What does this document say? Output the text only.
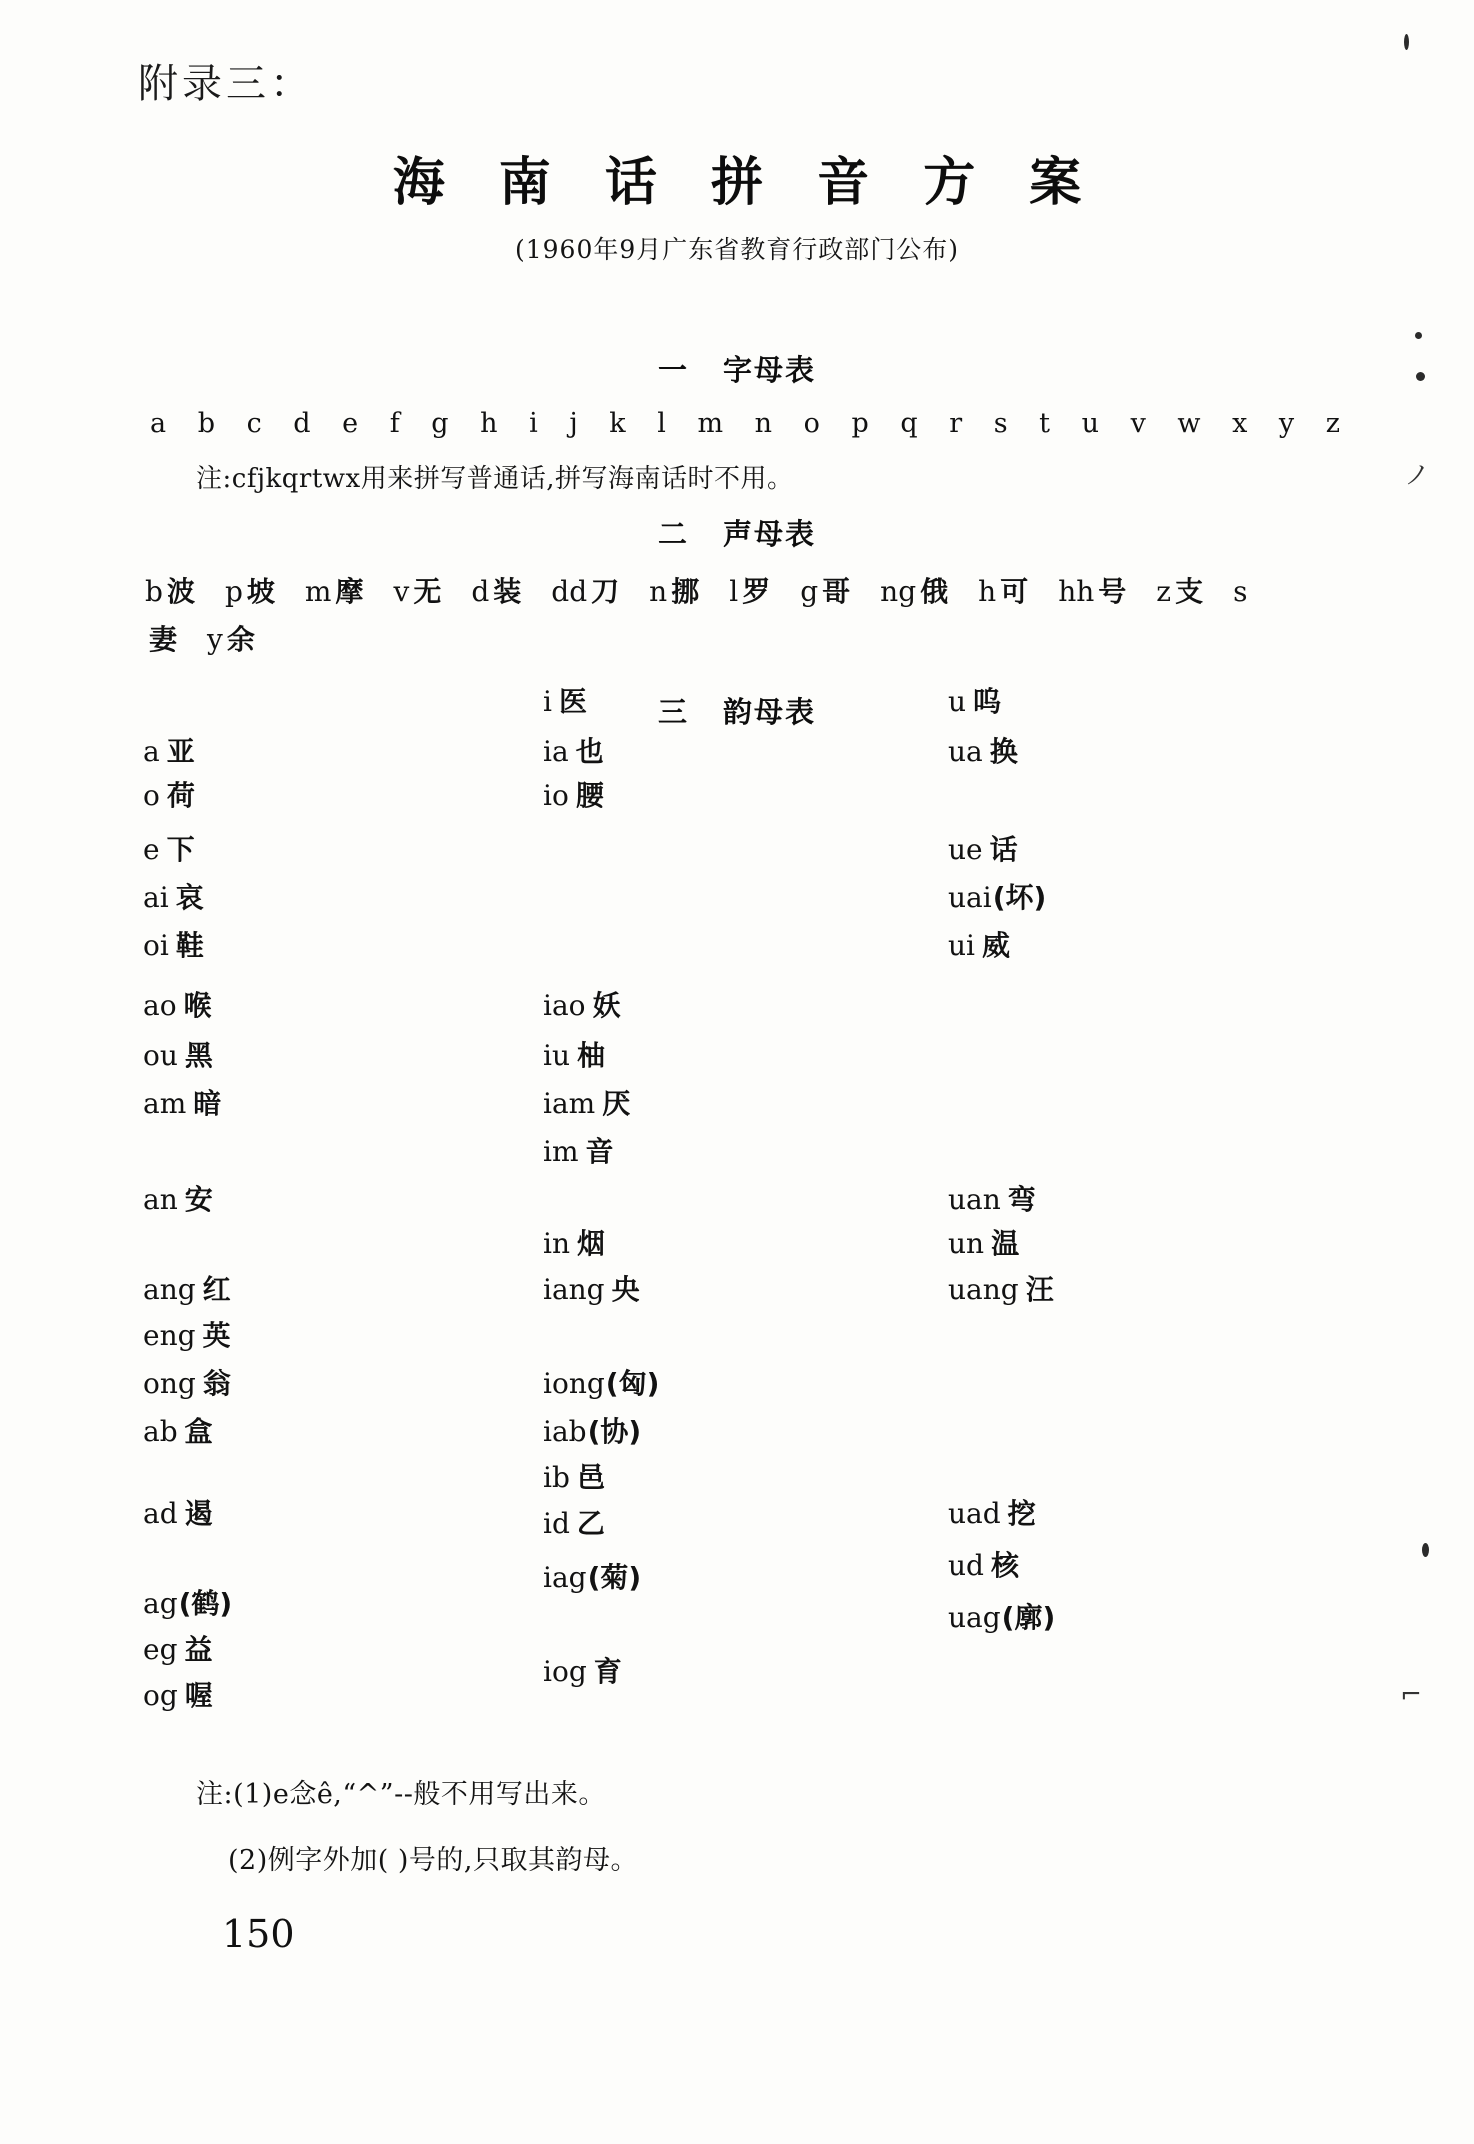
ノ
⌐
附录三：
海 南 话 拼 音 方 案
(1960年9月广东省教育行政部门公布)
一 字母表
a b c d e f g h i j k l m n o p q r s t u v w x y z
注:cfjkqrtwx用来拼写普通话,拼写海南话时不用。
二 声母表
b 波 p 坡 m 摩 v 无 d 装 dd 刀 n 挪 l 罗 g 哥 ng 俄 h 可 hh 号 z 支 s
妻 y 余
三 韵母表
a 亚
o 荷
e 下
ai 哀
oi 鞋
ao 喉
ou 黑
am 暗
an 安
ang 红
eng 英
ong 翁
ab 盒
ad 遏
ag(鹤)
eg 益
og 喔
i 医
ia 也
io 腰
iao 妖
iu 柚
iam 厌
im 音
in 烟
iang 央
iong(匈)
iab(协)
ib 邑
id 乙
iag(菊)
iog 育
u 呜
ua 换
ue 话
uai(坏)
ui 威
uan 弯
un 温
uang 汪
uad 挖
ud 核
uag(廓)
注:(1)e念ê,“^”--般不用写出来。
(2)例字外加( )号的,只取其韵母。
150
